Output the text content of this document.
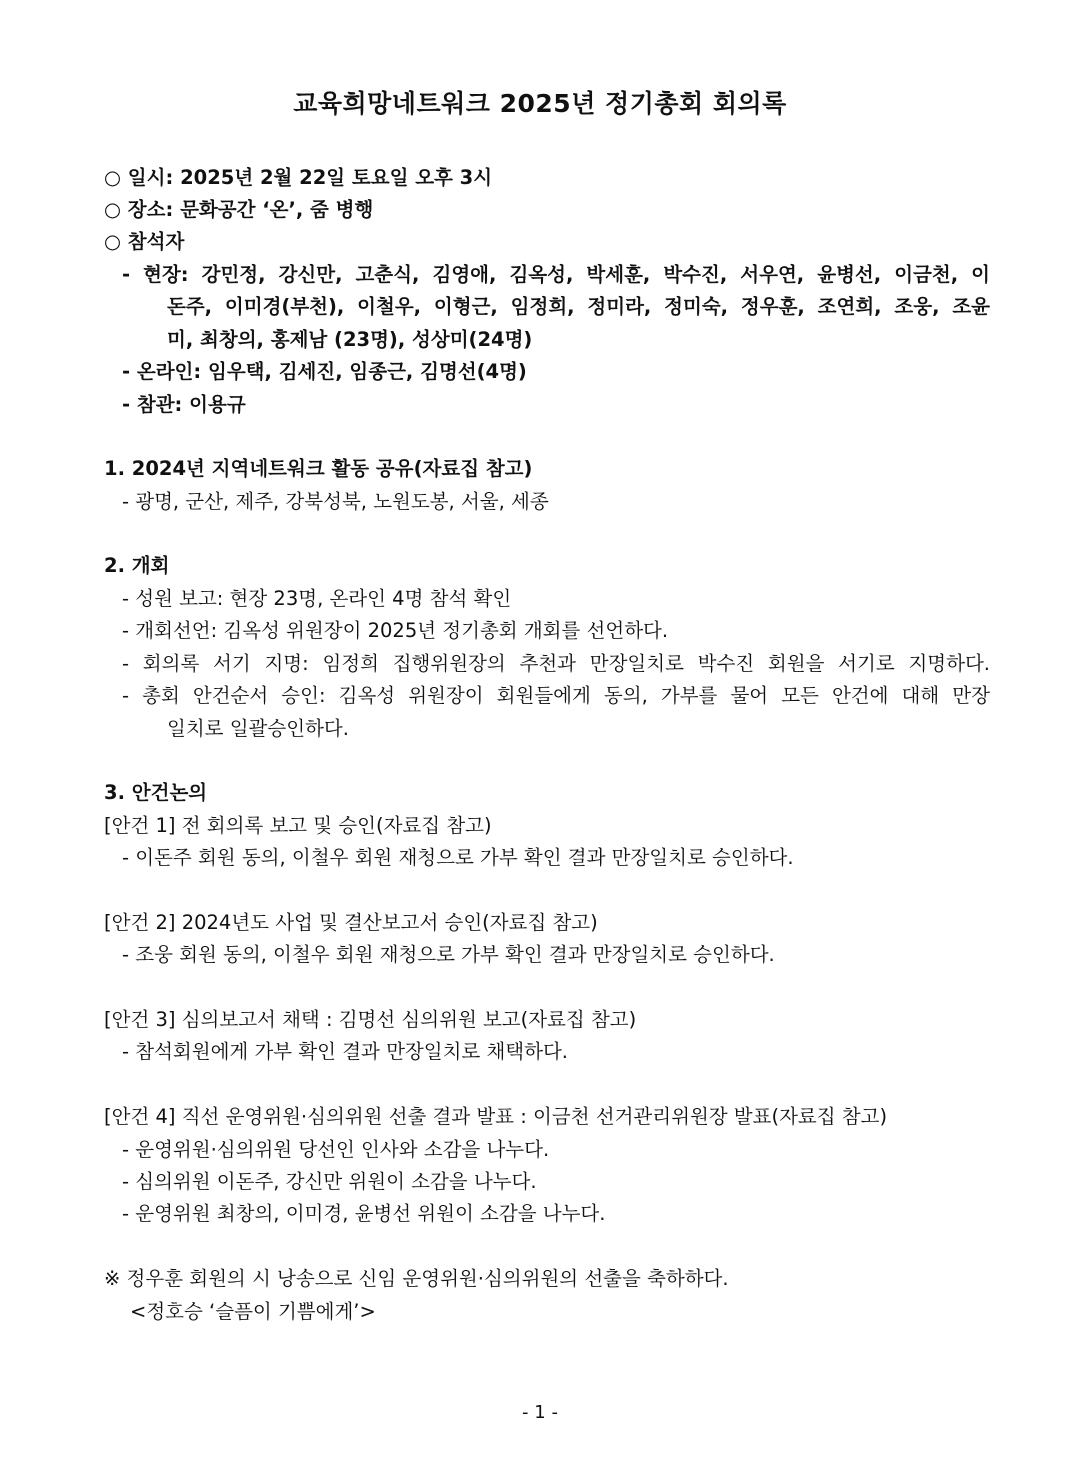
교육희망네트워크 2025년 정기총회 회의록
○ 일시: 2025년 2월 22일 토요일 오후 3시
○ 장소: 문화공간 ‘온’, 줌 병행
○ 참석자
- 현장: 강민정, 강신만, 고춘식, 김영애, 김옥성, 박세훈, 박수진, 서우연, 윤병선, 이금천, 이
돈주, 이미경(부천), 이철우, 이형근, 임정희, 정미라, 정미숙, 정우훈, 조연희, 조웅, 조윤
미, 최창의, 홍제남 (23명), 성상미(24명)
- 온라인: 임우택, 김세진, 임종근, 김명선(4명)
- 참관: 이용규
1. 2024년 지역네트워크 활동 공유(자료집 참고)
- 광명, 군산, 제주, 강북성북, 노원도봉, 서울, 세종
2. 개회
- 성원 보고: 현장 23명, 온라인 4명 참석 확인
- 개회선언: 김옥성 위원장이 2025년 정기총회 개회를 선언하다.
- 회의록 서기 지명: 임정희 집행위원장의 추천과 만장일치로 박수진 회원을 서기로 지명하다.
- 총회 안건순서 승인: 김옥성 위원장이 회원들에게 동의, 가부를 물어 모든 안건에 대해 만장
일치로 일괄승인하다.
3. 안건논의
[안건 1] 전 회의록 보고 및 승인(자료집 참고)
- 이돈주 회원 동의, 이철우 회원 재청으로 가부 확인 결과 만장일치로 승인하다.
[안건 2] 2024년도 사업 및 결산보고서 승인(자료집 참고)
- 조웅 회원 동의, 이철우 회원 재청으로 가부 확인 결과 만장일치로 승인하다.
[안건 3] 심의보고서 채택 : 김명선 심의위원 보고(자료집 참고)
- 참석회원에게 가부 확인 결과 만장일치로 채택하다.
[안건 4] 직선 운영위원·심의위원 선출 결과 발표 : 이금천 선거관리위원장 발표(자료집 참고)
- 운영위원·심의위원 당선인 인사와 소감을 나누다.
- 심의위원 이돈주, 강신만 위원이 소감을 나누다.
- 운영위원 최창의, 이미경, 윤병선 위원이 소감을 나누다.
※ 정우훈 회원의 시 낭송으로 신임 운영위원·심의위원의 선출을 축하하다.
<정호승 ‘슬픔이 기쁨에게’>
- 1 -
